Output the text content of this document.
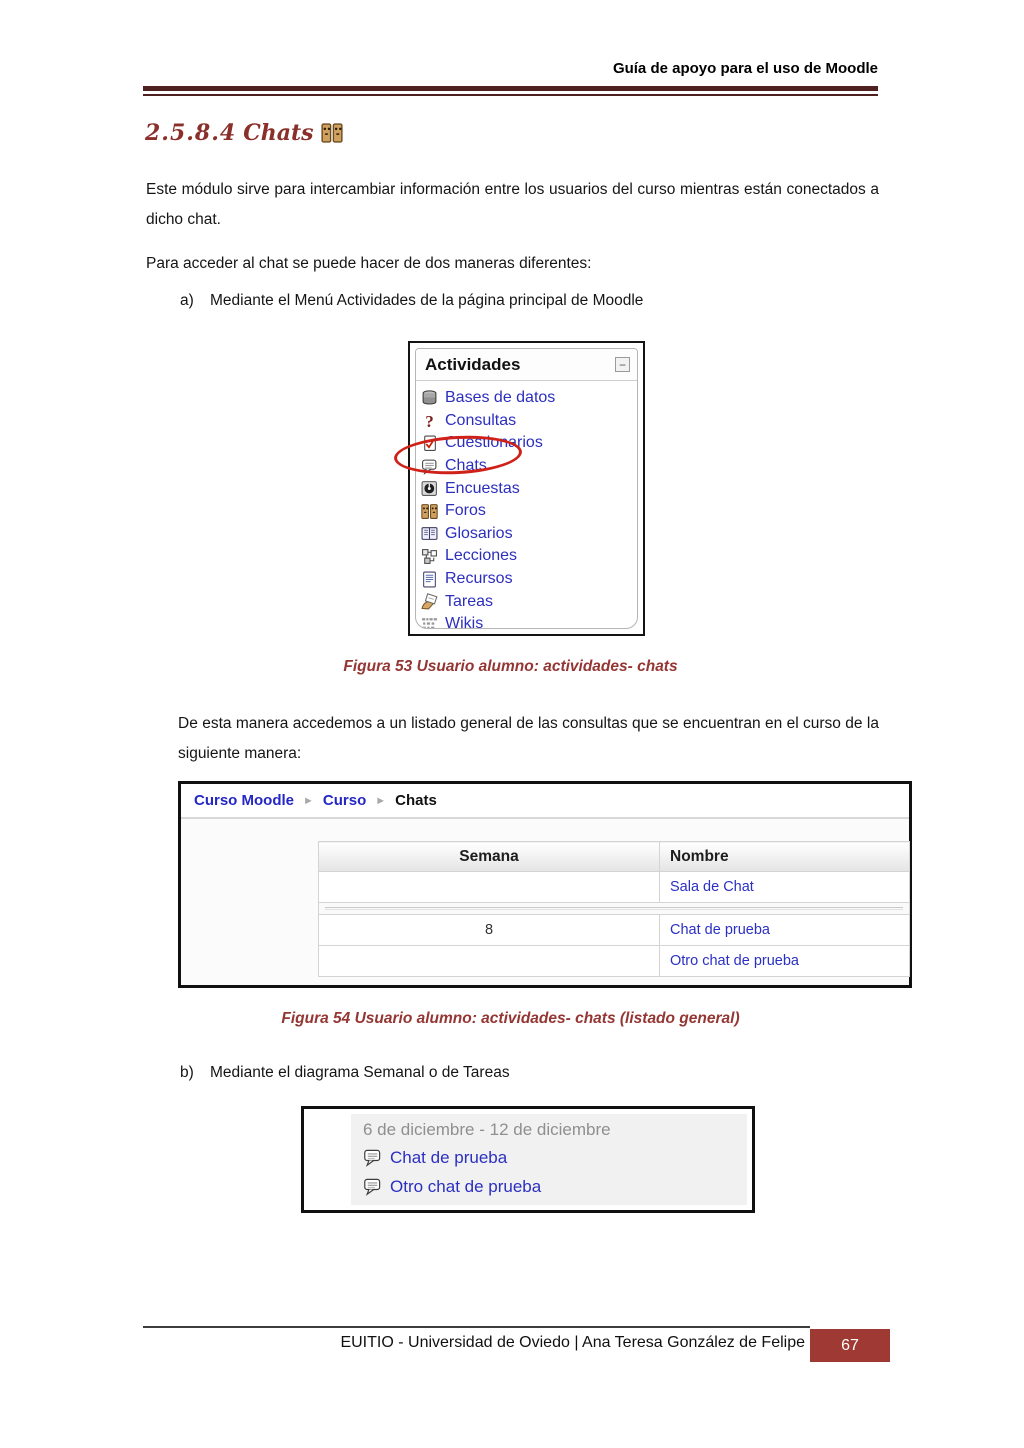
Guía de apoyo para el uso de Moodle
2.5.8.4 Chats
Este módulo sirve para intercambiar información entre los usuarios del curso mientras están conectados a dicho chat.
Para acceder al chat se puede hacer de dos maneras diferentes:
a)	Mediante el Menú Actividades de la página principal de Moodle
Actividades	−
Bases de datos
? Consultas
Cuestionarios
Chats
Encuestas
Foros
Glosarios
Lecciones
Recursos
Tareas
Wikis
Figura 53 Usuario alumno: actividades- chats
De esta manera accedemos a un listado general de las consultas que se encuentran en el curso de la siguiente manera:
Curso Moodle ► Curso ► Chats
Semana	Nombre
	Sala de Chat

8	Chat de prueba
	Otro chat de prueba
Figura 54 Usuario alumno: actividades- chats (listado general)
b)	Mediante el diagrama Semanal o de Tareas
6 de diciembre - 12 de diciembre
Chat de prueba
Otro chat de prueba
EUITIO - Universidad de Oviedo | Ana Teresa González de Felipe	67
